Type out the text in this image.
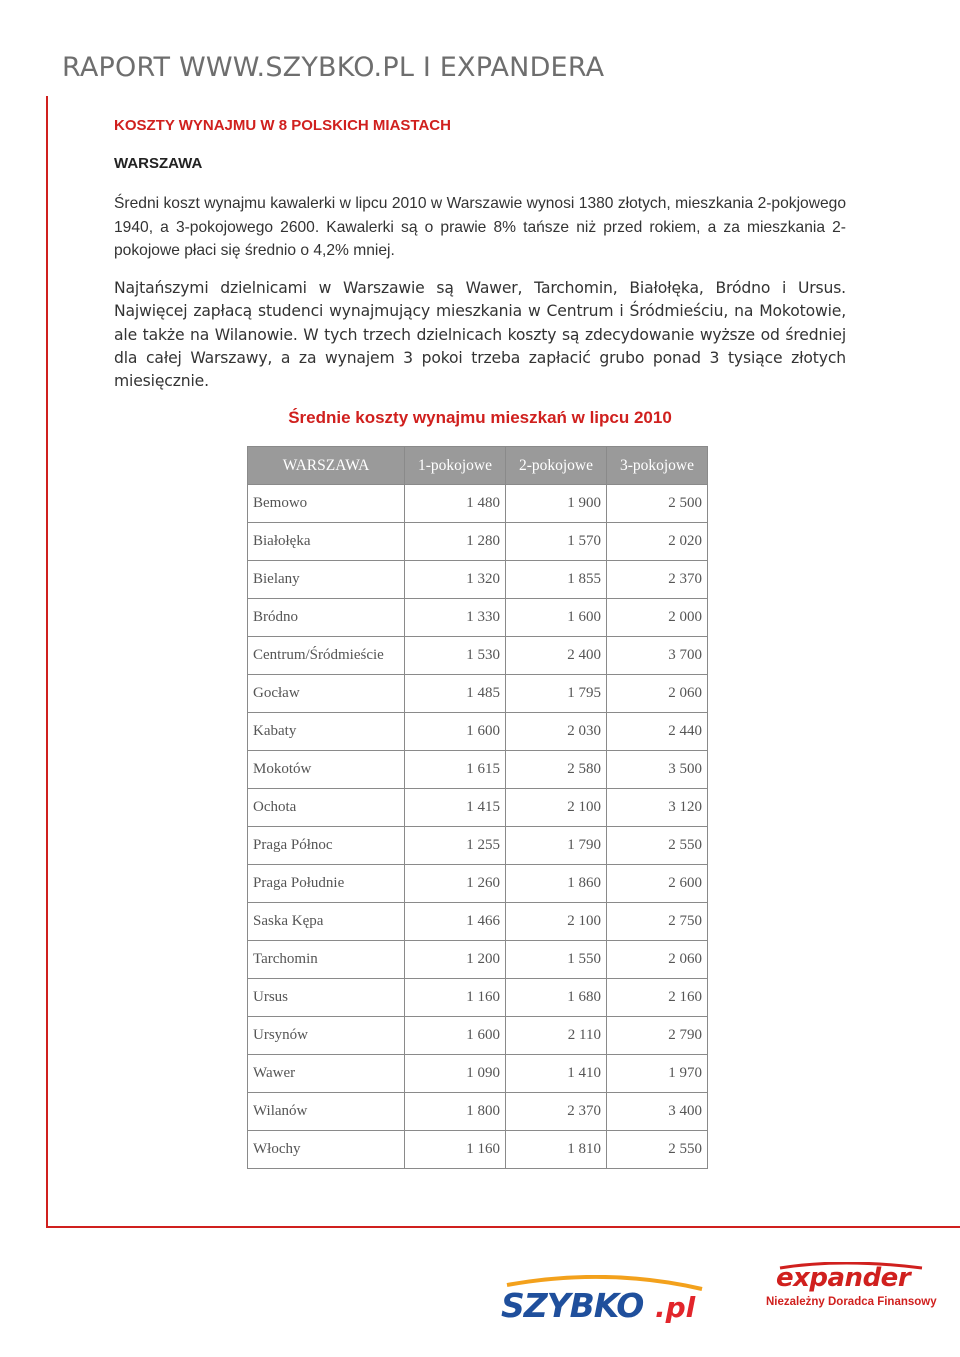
RAPORT WWW.SZYBKO.PL I EXPANDERA
KOSZTY WYNAJMU W 8 POLSKICH MIASTACH
WARSZAWA
Średni koszt wynajmu kawalerki w lipcu 2010 w Warszawie wynosi 1380 złotych, mieszkania 2-pokjowego 1940, a 3-pokojowego 2600. Kawalerki są o prawie 8% tańsze niż przed rokiem, a za mieszkania 2-pokojowe płaci się średnio o 4,2% mniej.
Najtańszymi dzielnicami w Warszawie są Wawer, Tarchomin, Białołęka, Bródno i Ursus. Najwięcej zapłacą studenci wynajmujący mieszkania w Centrum i Śródmieściu, na Mokotowie, ale także na Wilanowie. W tych trzech dzielnicach koszty są zdecydowanie wyższe od średniej dla całej Warszawy, a za wynajem 3 pokoi trzeba zapłacić grubo ponad 3 tysiące złotych miesięcznie.
Średnie koszty wynajmu mieszkań w lipcu 2010
WARSZAWA	1-pokojowe	2-pokojowe	3-pokojowe
Bemowo	1 480	1 900	2 500
Białołęka	1 280	1 570	2 020
Bielany	1 320	1 855	2 370
Bródno	1 330	1 600	2 000
Centrum/Śródmieście	1 530	2 400	3 700
Gocław	1 485	1 795	2 060
Kabaty	1 600	2 030	2 440
Mokotów	1 615	2 580	3 500
Ochota	1 415	2 100	3 120
Praga Północ	1 255	1 790	2 550
Praga Południe	1 260	1 860	2 600
Saska Kępa	1 466	2 100	2 750
Tarchomin	1 200	1 550	2 060
Ursus	1 160	1 680	2 160
Ursynów	1 600	2 110	2 790
Wawer	1 090	1 410	1 970
Wilanów	1 800	2 370	3 400
Włochy	1 160	1 810	2 550
SZYBKO .pl
expander
Niezależny Doradca Finansowy
